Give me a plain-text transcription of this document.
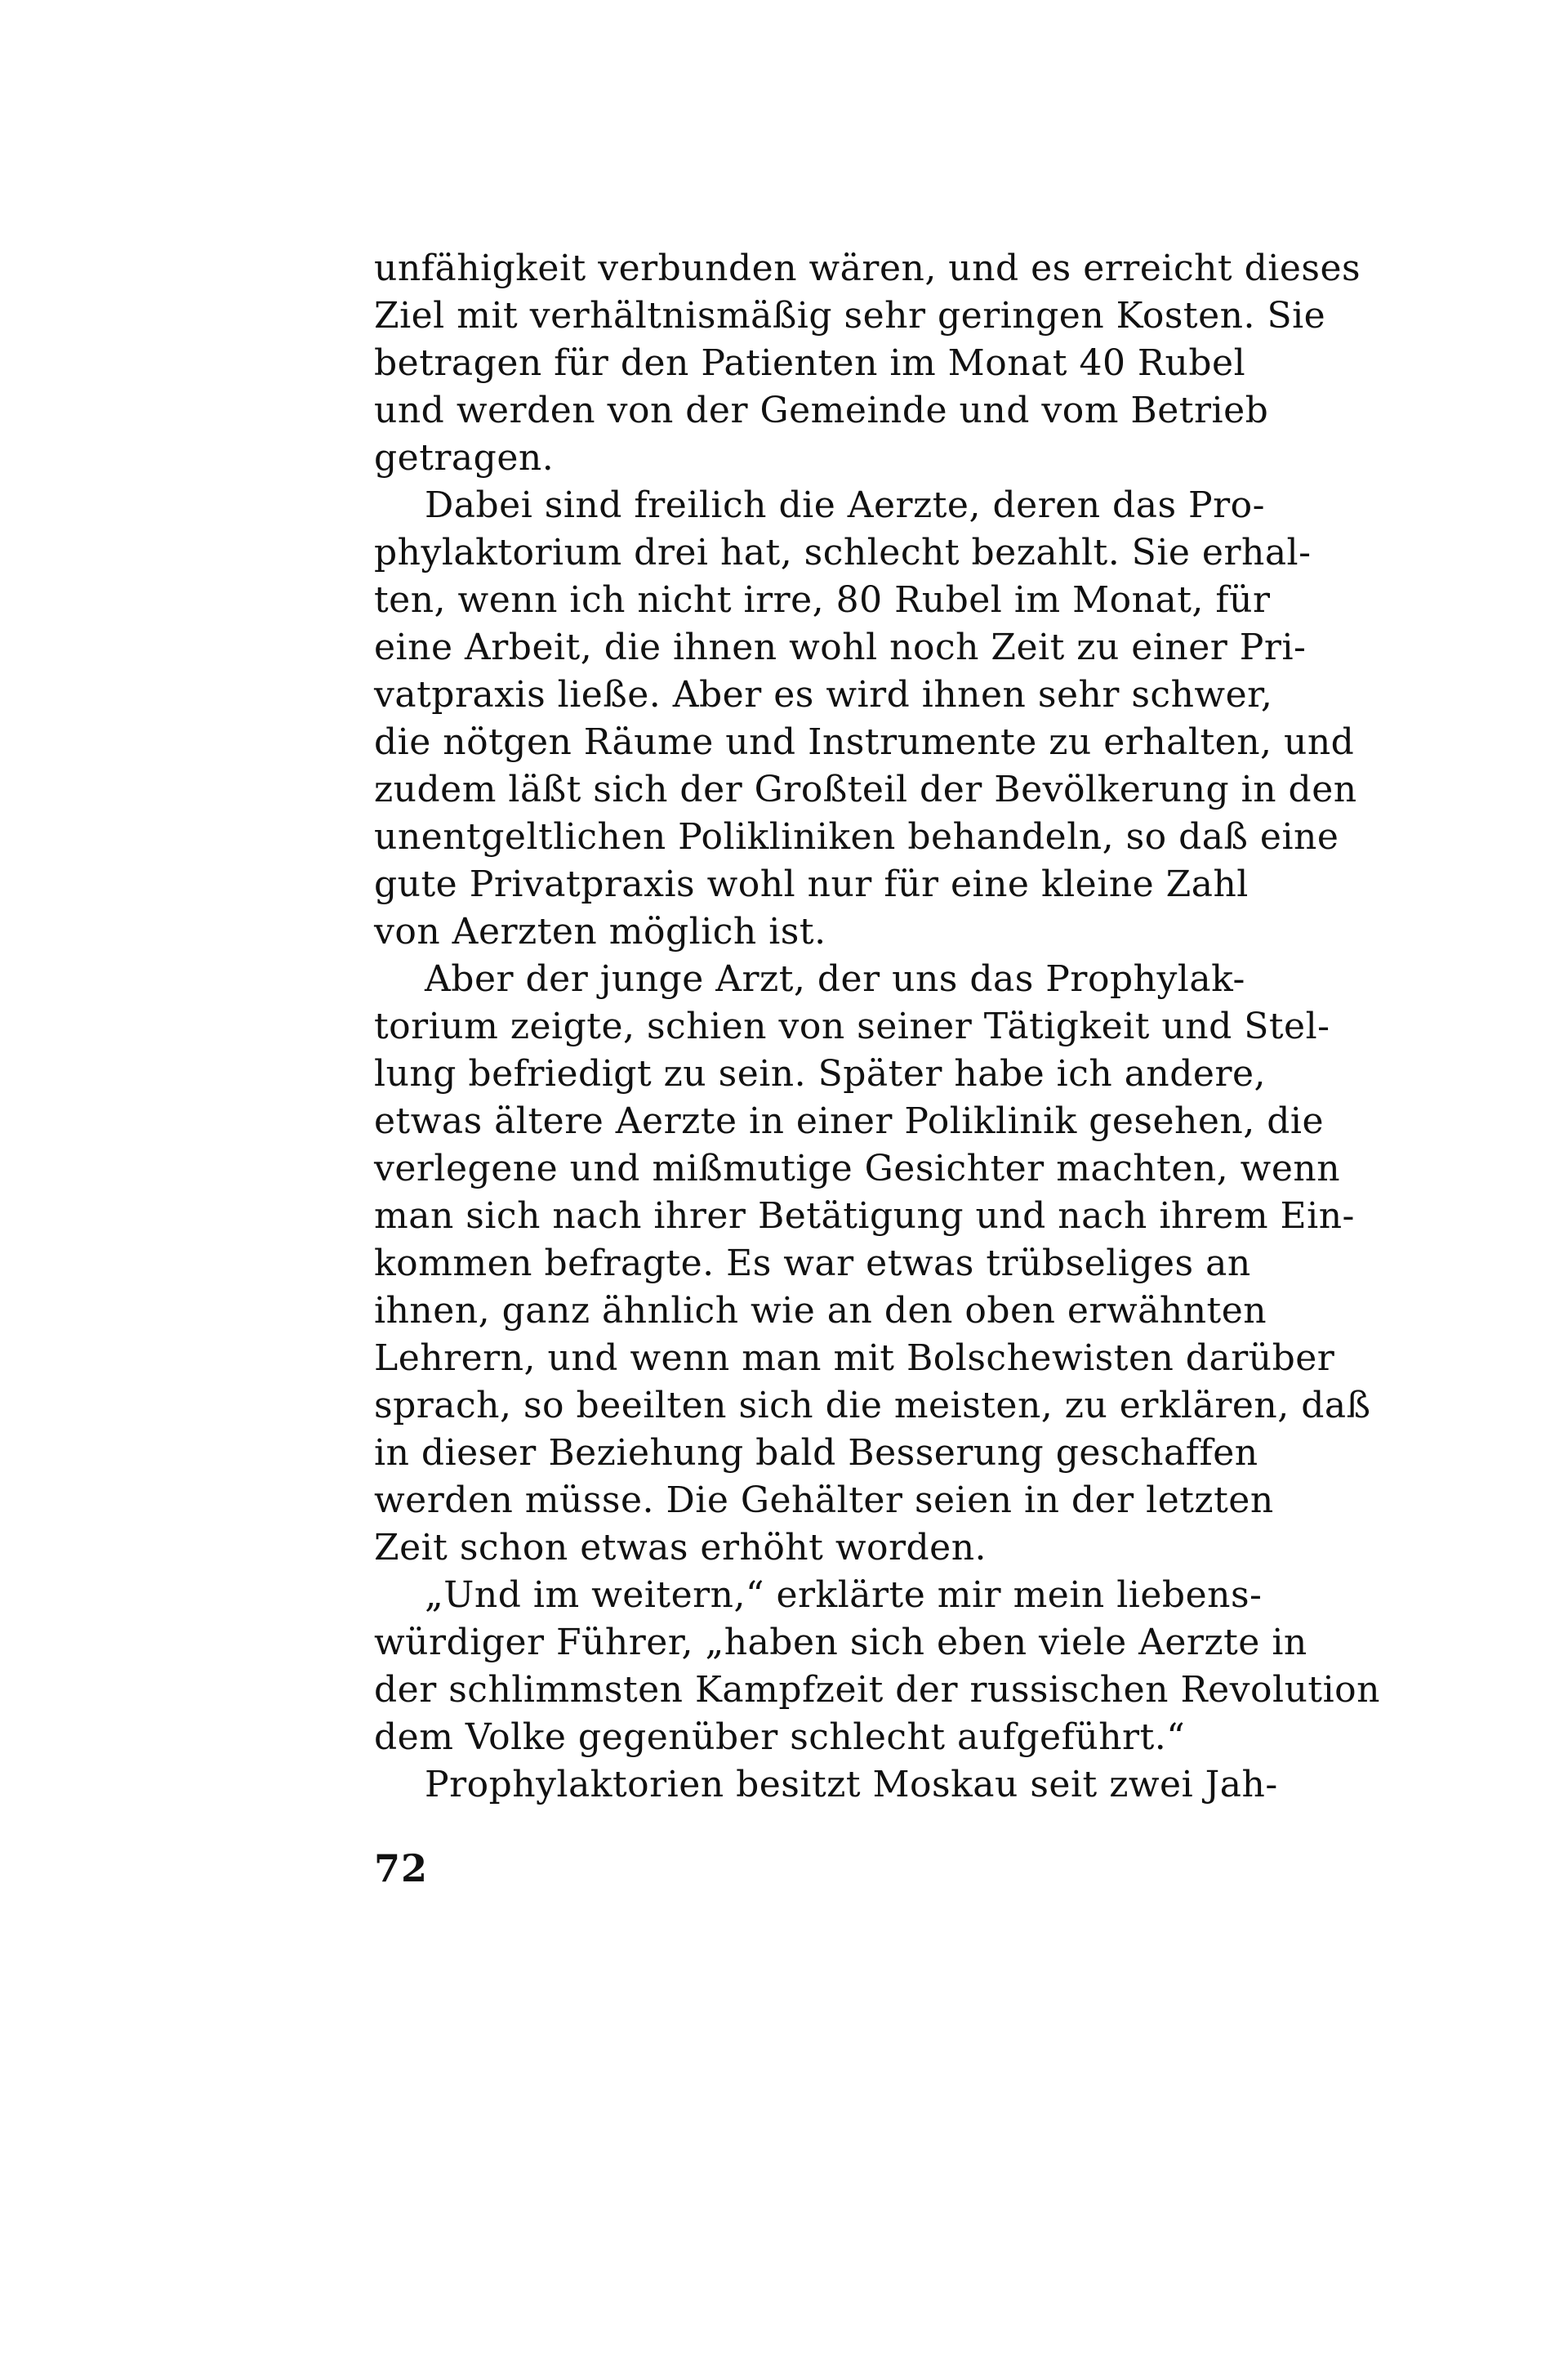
unfähigkeit verbunden wären, und es erreicht dieses
Ziel mit verhältnismäßig sehr geringen Kosten. Sie
betragen für den Patienten im Monat 40 Rubel
und werden von der Gemeinde und vom Betrieb
getragen.
Dabei sind freilich die Aerzte, deren das Pro-
phylaktorium drei hat, schlecht bezahlt. Sie erhal-
ten, wenn ich nicht irre, 80 Rubel im Monat, für
eine Arbeit, die ihnen wohl noch Zeit zu einer Pri-
vatpraxis ließe. Aber es wird ihnen sehr schwer,
die nötgen Räume und Instrumente zu erhalten, und
zudem läßt sich der Großteil der Bevölkerung in den
unentgeltlichen Polikliniken behandeln, so daß eine
gute Privatpraxis wohl nur für eine kleine Zahl
von Aerzten möglich ist.
Aber der junge Arzt, der uns das Prophylak-
torium zeigte, schien von seiner Tätigkeit und Stel-
lung befriedigt zu sein. Später habe ich andere,
etwas ältere Aerzte in einer Poliklinik gesehen, die
verlegene und mißmutige Gesichter machten, wenn
man sich nach ihrer Betätigung und nach ihrem Ein-
kommen befragte. Es war etwas trübseliges an
ihnen, ganz ähnlich wie an den oben erwähnten
Lehrern, und wenn man mit Bolschewisten darüber
sprach, so beeilten sich die meisten, zu erklären, daß
in dieser Beziehung bald Besserung geschaffen
werden müsse. Die Gehälter seien in der letzten
Zeit schon etwas erhöht worden.
„Und im weitern,“ erklärte mir mein liebens-
würdiger Führer, „haben sich eben viele Aerzte in
der schlimmsten Kampfzeit der russischen Revolution
dem Volke gegenüber schlecht aufgeführt.“
Prophylaktorien besitzt Moskau seit zwei Jah-
72
